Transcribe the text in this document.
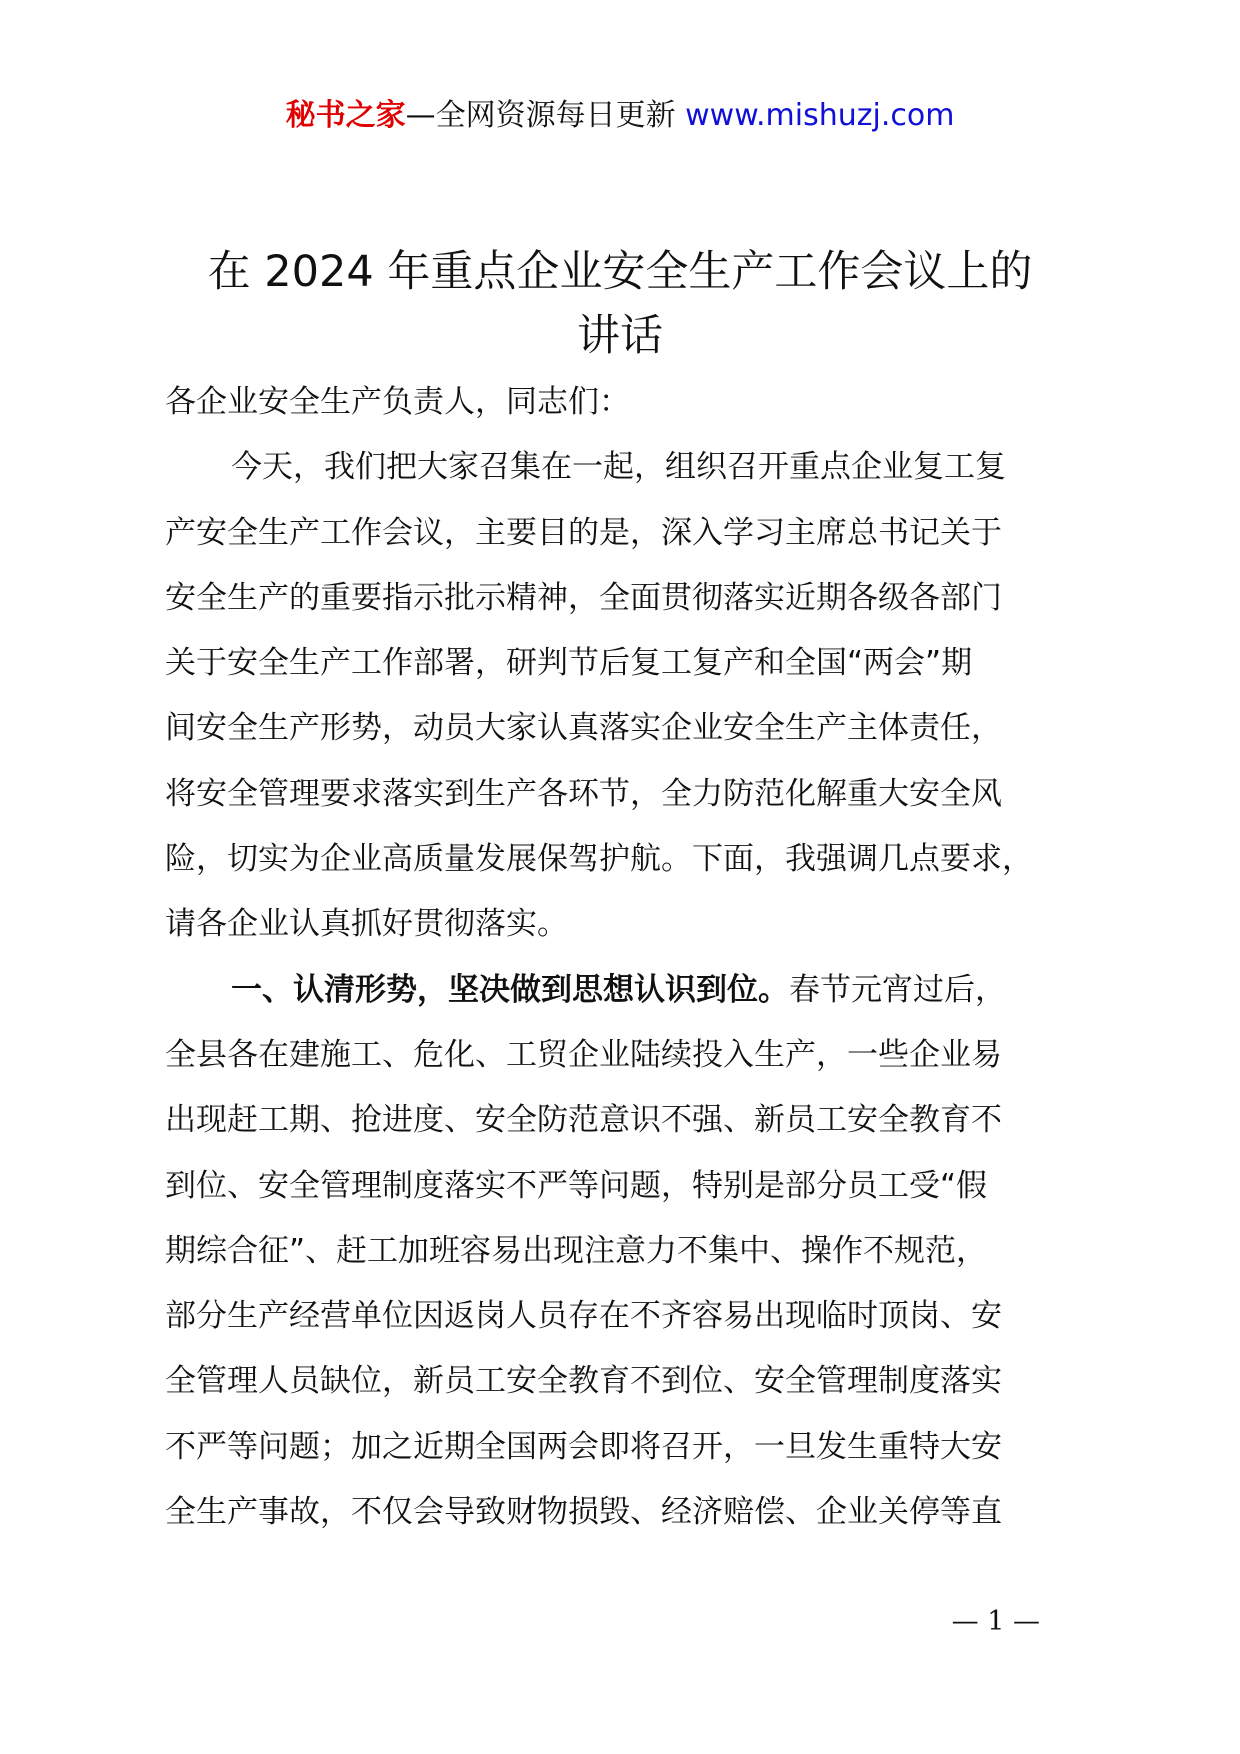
秘书之家—全网资源每日更新 www.mishuzj.com
在 2024 年重点企业安全生产工作会议上的
讲话
各企业安全生产负责人，同志们：
今天，我们把大家召集在一起，组织召开重点企业复工复
产安全生产工作会议，主要目的是，深入学习主席总书记关于
安全生产的重要指示批示精神，全面贯彻落实近期各级各部门
关于安全生产工作部署，研判节后复工复产和全国“两会”期
间安全生产形势，动员大家认真落实企业安全生产主体责任，
将安全管理要求落实到生产各环节，全力防范化解重大安全风
险，切实为企业高质量发展保驾护航。下面，我强调几点要求，
请各企业认真抓好贯彻落实。
一、认清形势，坚决做到思想认识到位。春节元宵过后，
全县各在建施工、危化、工贸企业陆续投入生产，一些企业易
出现赶工期、抢进度、安全防范意识不强、新员工安全教育不
到位、安全管理制度落实不严等问题，特别是部分员工受“假
期综合征”、赶工加班容易出现注意力不集中、操作不规范，
部分生产经营单位因返岗人员存在不齐容易出现临时顶岗、安
全管理人员缺位，新员工安全教育不到位、安全管理制度落实
不严等问题；加之近期全国两会即将召开，一旦发生重特大安
全生产事故，不仅会导致财物损毁、经济赔偿、企业关停等直
— 1 —
